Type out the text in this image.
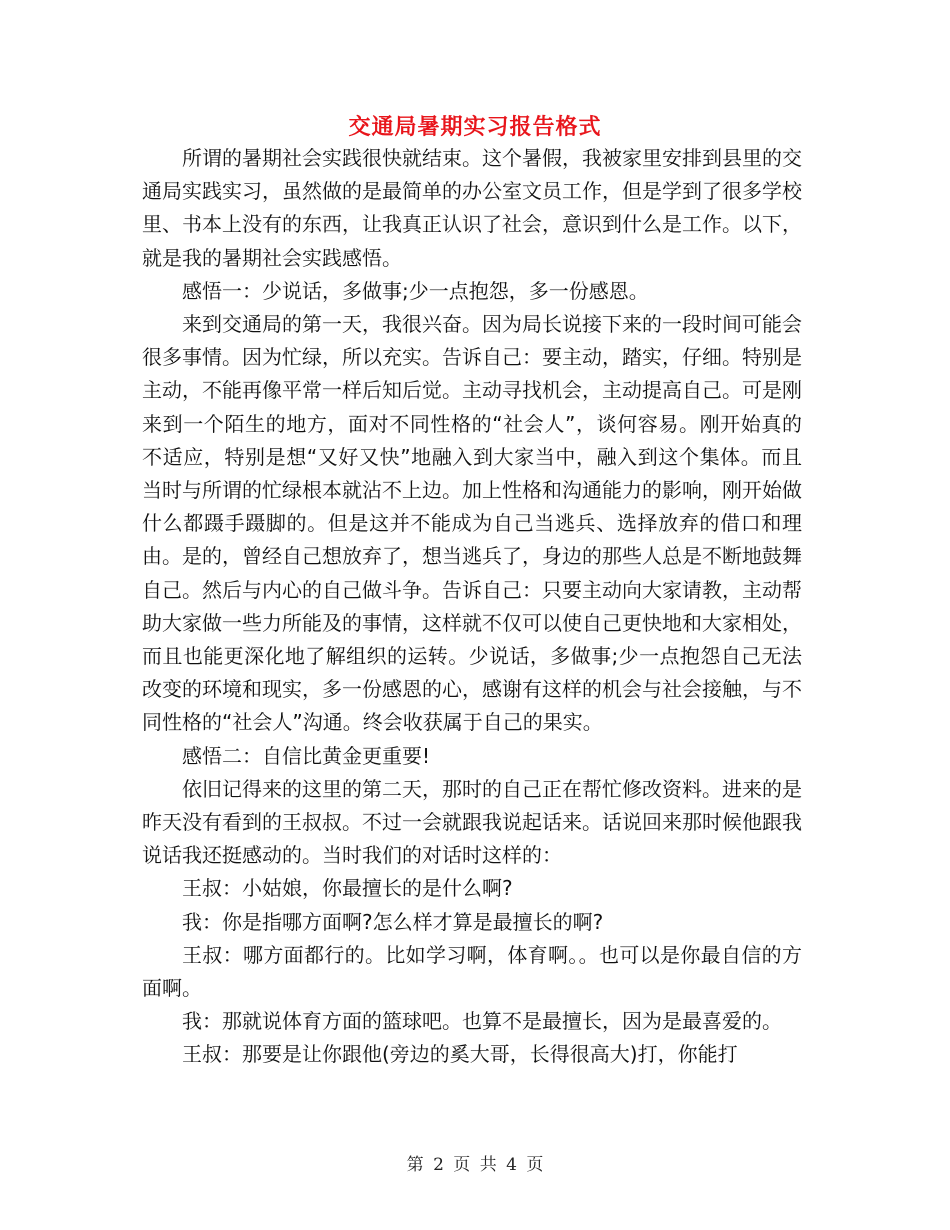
交通局暑期实习报告格式

所谓的暑期社会实践很快就结束。这个暑假，我被家里安排到县里的交通局实践实习，虽然做的是最简单的办公室文员工作，但是学到了很多学校里、书本上没有的东西，让我真正认识了社会，意识到什么是工作。以下，就是我的暑期社会实践感悟。

感悟一：少说话，多做事;少一点抱怨，多一份感恩。

来到交通局的第一天，我很兴奋。因为局长说接下来的一段时间可能会很多事情。因为忙绿，所以充实。告诉自己：要主动，踏实，仔细。特别是主动，不能再像平常一样后知后觉。主动寻找机会，主动提高自己。可是刚来到一个陌生的地方，面对不同性格的“社会人”，谈何容易。刚开始真的不适应，特别是想“又好又快”地融入到大家当中，融入到这个集体。而且当时与所谓的忙绿根本就沾不上边。加上性格和沟通能力的影响，刚开始做什么都蹑手蹑脚的。但是这并不能成为自己当逃兵、选择放弃的借口和理由。是的，曾经自己想放弃了，想当逃兵了，身边的那些人总是不断地鼓舞自己。然后与内心的自己做斗争。告诉自己：只要主动向大家请教，主动帮助大家做一些力所能及的事情，这样就不仅可以使自己更快地和大家相处，而且也能更深化地了解组织的运转。少说话，多做事;少一点抱怨自己无法改变的环境和现实，多一份感恩的心，感谢有这样的机会与社会接触，与不同性格的“社会人”沟通。终会收获属于自己的果实。

感悟二：自信比黄金更重要!

依旧记得来的这里的第二天，那时的自己正在帮忙修改资料。进来的是昨天没有看到的王叔叔。不过一会就跟我说起话来。话说回来那时候他跟我说话我还挺感动的。当时我们的对话时这样的：

王叔：小姑娘，你最擅长的是什么啊?

我：你是指哪方面啊?怎么样才算是最擅长的啊?

王叔：哪方面都行的。比如学习啊，体育啊。。也可以是你最自信的方面啊。

我：那就说体育方面的篮球吧。也算不是最擅长，因为是最喜爱的。

王叔：那要是让你跟他(旁边的奚大哥，长得很高大)打，你能打

第 2 页 共 4 页
